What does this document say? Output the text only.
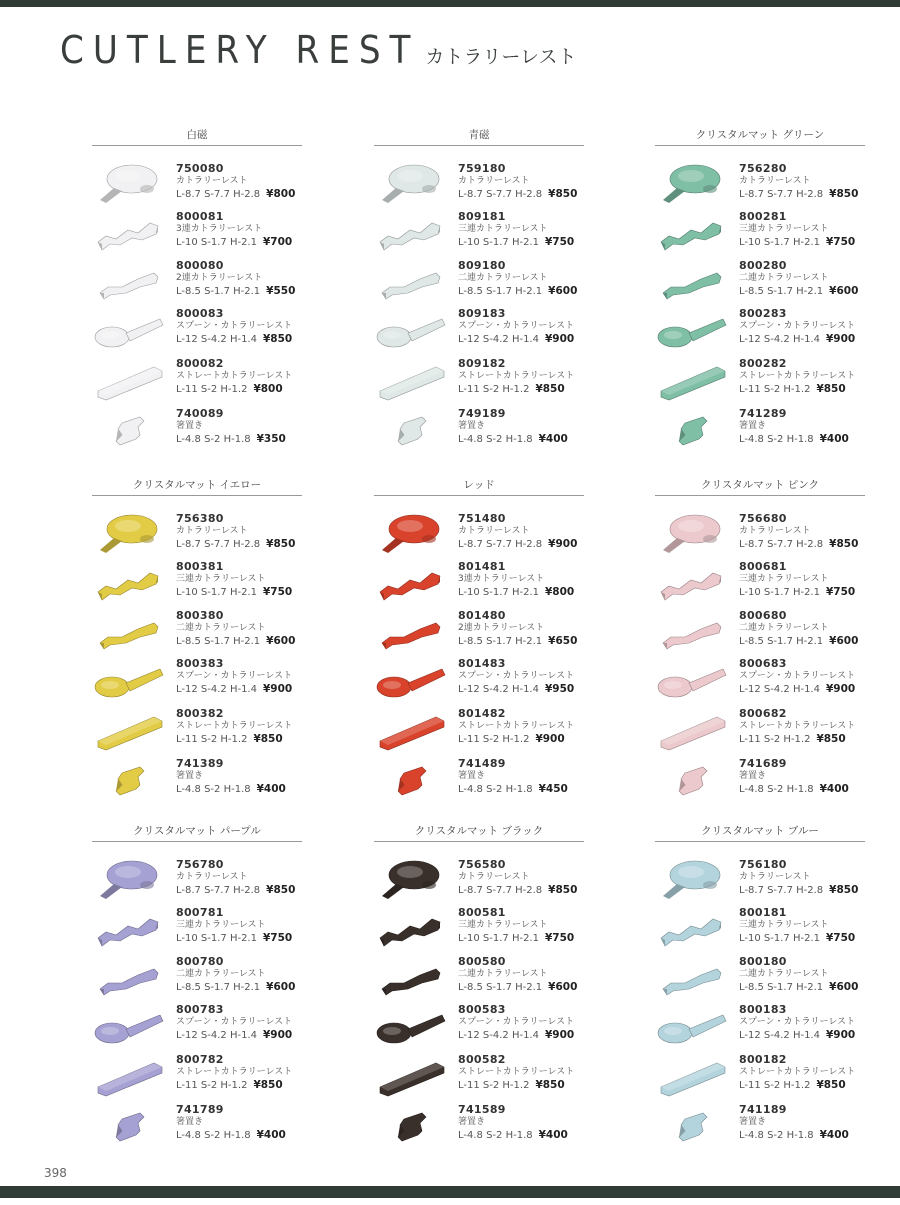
CUTLERY REST カトラリーレスト
白磁
750080
カトラリーレスト
L-8.7 S-7.7 H-2.8 ¥800
800081
3連カトラリーレスト
L-10 S-1.7 H-2.1 ¥700
800080
2連カトラリーレスト
L-8.5 S-1.7 H-2.1 ¥550
800083
スプーン・カトラリーレスト
L-12 S-4.2 H-1.4 ¥850
800082
ストレートカトラリーレスト
L-11 S-2 H-1.2 ¥800
740089
箸置き
L-4.8 S-2 H-1.8 ¥350
青磁
759180
カトラリーレスト
L-8.7 S-7.7 H-2.8 ¥850
809181
三連カトラリーレスト
L-10 S-1.7 H-2.1 ¥750
809180
二連カトラリーレスト
L-8.5 S-1.7 H-2.1 ¥600
809183
スプーン・カトラリーレスト
L-12 S-4.2 H-1.4 ¥900
809182
ストレートカトラリーレスト
L-11 S-2 H-1.2 ¥850
749189
箸置き
L-4.8 S-2 H-1.8 ¥400
クリスタルマット グリーン
756280
カトラリーレスト
L-8.7 S-7.7 H-2.8 ¥850
800281
三連カトラリーレスト
L-10 S-1.7 H-2.1 ¥750
800280
二連カトラリーレスト
L-8.5 S-1.7 H-2.1 ¥600
800283
スプーン・カトラリーレスト
L-12 S-4.2 H-1.4 ¥900
800282
ストレートカトラリーレスト
L-11 S-2 H-1.2 ¥850
741289
箸置き
L-4.8 S-2 H-1.8 ¥400
クリスタルマット イエロー
756380
カトラリーレスト
L-8.7 S-7.7 H-2.8 ¥850
800381
三連カトラリーレスト
L-10 S-1.7 H-2.1 ¥750
800380
二連カトラリーレスト
L-8.5 S-1.7 H-2.1 ¥600
800383
スプーン・カトラリーレスト
L-12 S-4.2 H-1.4 ¥900
800382
ストレートカトラリーレスト
L-11 S-2 H-1.2 ¥850
741389
箸置き
L-4.8 S-2 H-1.8 ¥400
レッド
751480
カトラリーレスト
L-8.7 S-7.7 H-2.8 ¥900
801481
3連カトラリーレスト
L-10 S-1.7 H-2.1 ¥800
801480
2連カトラリーレスト
L-8.5 S-1.7 H-2.1 ¥650
801483
スプーン・カトラリーレスト
L-12 S-4.2 H-1.4 ¥950
801482
ストレートカトラリーレスト
L-11 S-2 H-1.2 ¥900
741489
箸置き
L-4.8 S-2 H-1.8 ¥450
クリスタルマット ピンク
756680
カトラリーレスト
L-8.7 S-7.7 H-2.8 ¥850
800681
三連カトラリーレスト
L-10 S-1.7 H-2.1 ¥750
800680
二連カトラリーレスト
L-8.5 S-1.7 H-2.1 ¥600
800683
スプーン・カトラリーレスト
L-12 S-4.2 H-1.4 ¥900
800682
ストレートカトラリーレスト
L-11 S-2 H-1.2 ¥850
741689
箸置き
L-4.8 S-2 H-1.8 ¥400
クリスタルマット パープル
756780
カトラリーレスト
L-8.7 S-7.7 H-2.8 ¥850
800781
三連カトラリーレスト
L-10 S-1.7 H-2.1 ¥750
800780
二連カトラリーレスト
L-8.5 S-1.7 H-2.1 ¥600
800783
スプーン・カトラリーレスト
L-12 S-4.2 H-1.4 ¥900
800782
ストレートカトラリーレスト
L-11 S-2 H-1.2 ¥850
741789
箸置き
L-4.8 S-2 H-1.8 ¥400
クリスタルマット ブラック
756580
カトラリーレスト
L-8.7 S-7.7 H-2.8 ¥850
800581
三連カトラリーレスト
L-10 S-1.7 H-2.1 ¥750
800580
二連カトラリーレスト
L-8.5 S-1.7 H-2.1 ¥600
800583
スプーン・カトラリーレスト
L-12 S-4.2 H-1.4 ¥900
800582
ストレートカトラリーレスト
L-11 S-2 H-1.2 ¥850
741589
箸置き
L-4.8 S-2 H-1.8 ¥400
クリスタルマット ブルー
756180
カトラリーレスト
L-8.7 S-7.7 H-2.8 ¥850
800181
三連カトラリーレスト
L-10 S-1.7 H-2.1 ¥750
800180
二連カトラリーレスト
L-8.5 S-1.7 H-2.1 ¥600
800183
スプーン・カトラリーレスト
L-12 S-4.2 H-1.4 ¥900
800182
ストレートカトラリーレスト
L-11 S-2 H-1.2 ¥850
741189
箸置き
L-4.8 S-2 H-1.8 ¥400
398
